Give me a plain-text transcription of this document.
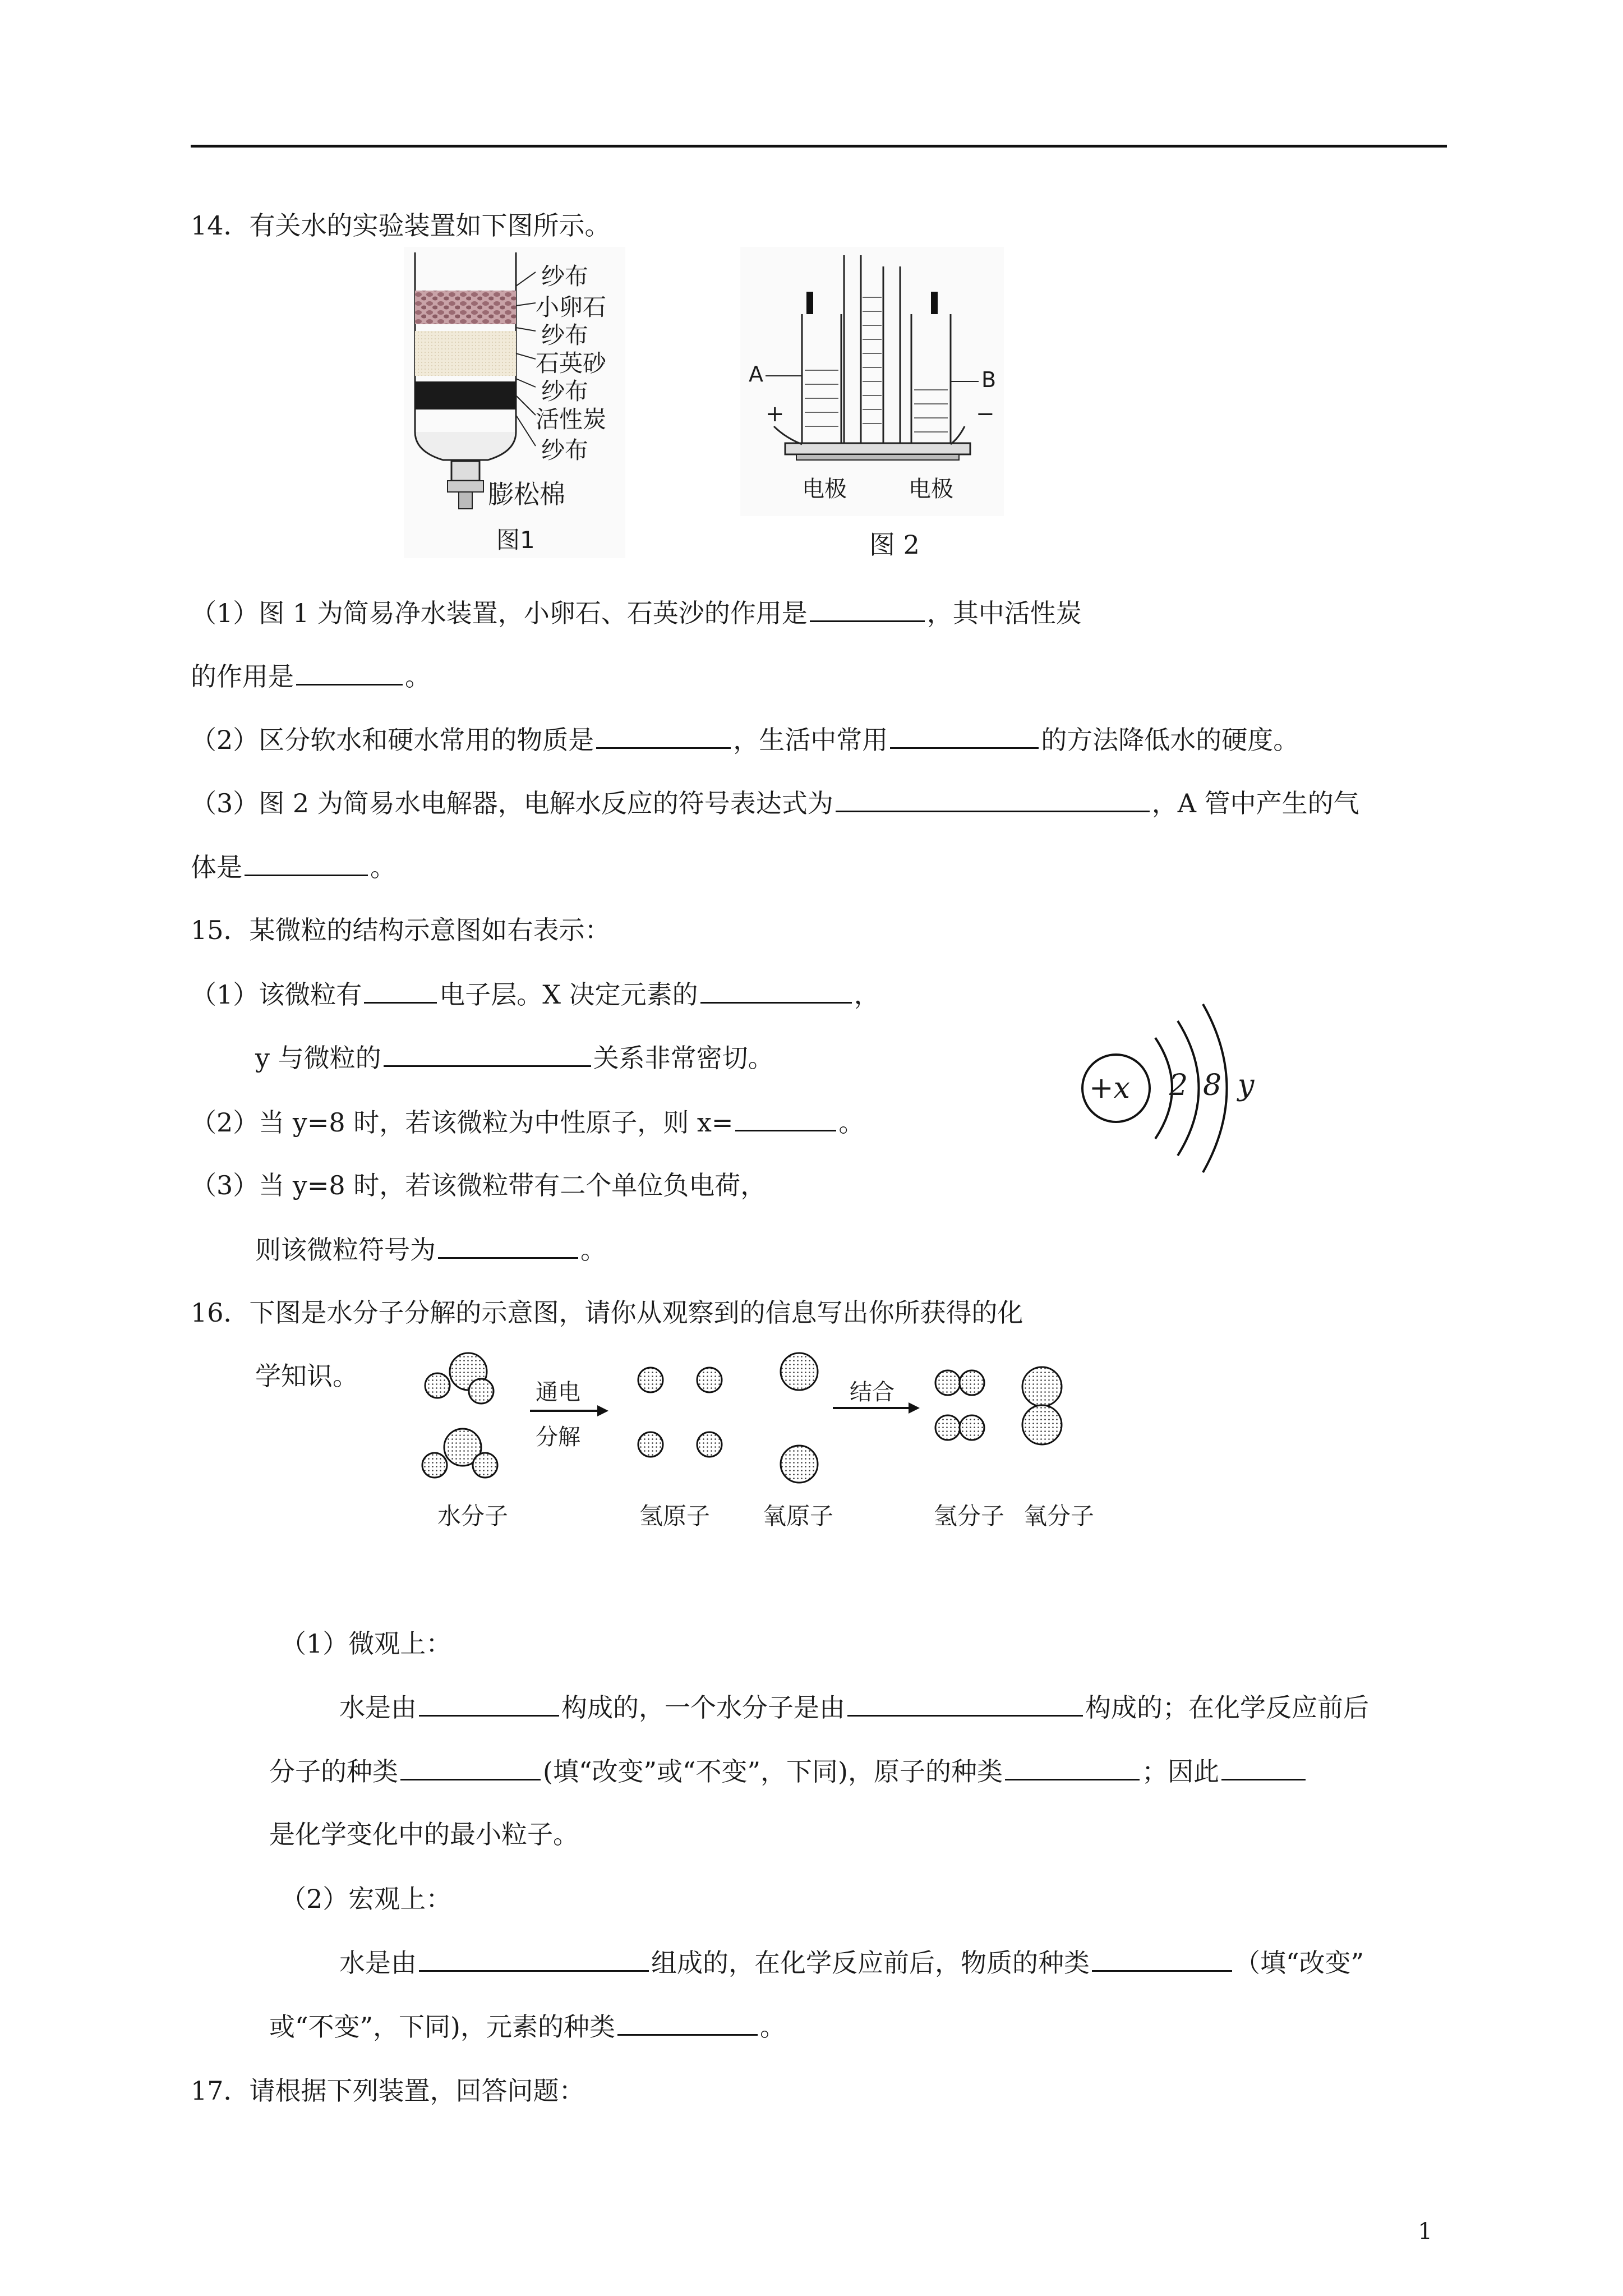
14．有关水的实验装置如下图所示。
纱布
小卵石
纱布
石英砂
纱布
活性炭
纱布
膨松棉
图1
A	B
+	−
电极	电极
图 2
（1）图 1 为简易净水装置，小卵石、石英沙的作用是	，其中活性炭
的作用是	。
（2）区分软水和硬水常用的物质是	，生活中常用	的方法降低水的硬度。
（3）图 2 为简易水电解器，电解水反应的符号表达式为	，A 管中产生的气
体是	。
15．某微粒的结构示意图如右表示：
（1）该微粒有	电子层。X 决定元素的	，
y 与微粒的	关系非常密切。
（2）当 y=8 时，若该微粒为中性原子，则 x=	。
（3）当 y=8 时，若该微粒带有二个单位负电荷，
则该微粒符号为	。
+x 2 8 y
16．下图是水分子分解的示意图，请你从观察到的信息写出你所获得的化
学知识。
通电
分解
结合
水分子	氢原子 氧原子	氢分子 氧分子
（1）微观上：
水是由	构成的，一个水分子是由	构成的；在化学反应前后
分子的种类	(填“改变”或“不变”，下同)，原子的种类	；因此
是化学变化中的最小粒子。
（2）宏观上：
水是由	组成的，在化学反应前后，物质的种类	（填“改变”
或“不变”，下同)，元素的种类	。
17．请根据下列装置，回答问题：
1
